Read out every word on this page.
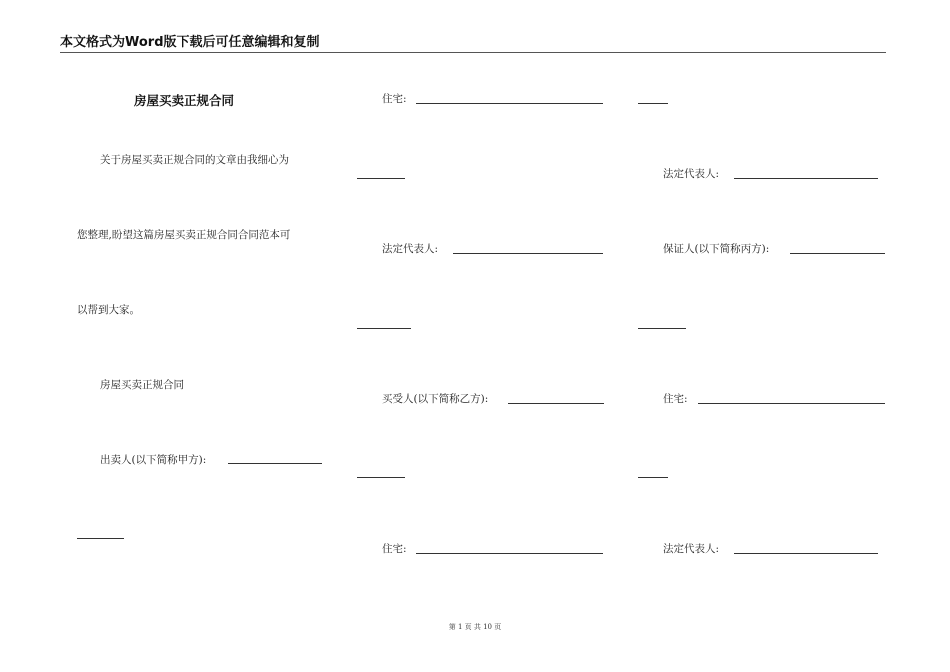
本文格式为Word版下载后可任意编辑和复制
房屋买卖正规合同
关于房屋买卖正规合同的文章由我细心为
您整理,盼望这篇房屋买卖正规合同合同范本可
以帮到大家。
房屋买卖正规合同
出卖人(以下简称甲方):
住宅:
法定代表人:
买受人(以下简称乙方):
住宅:
法定代表人:
保证人(以下简称丙方):
住宅:
法定代表人:
第 1 页 共 10 页
